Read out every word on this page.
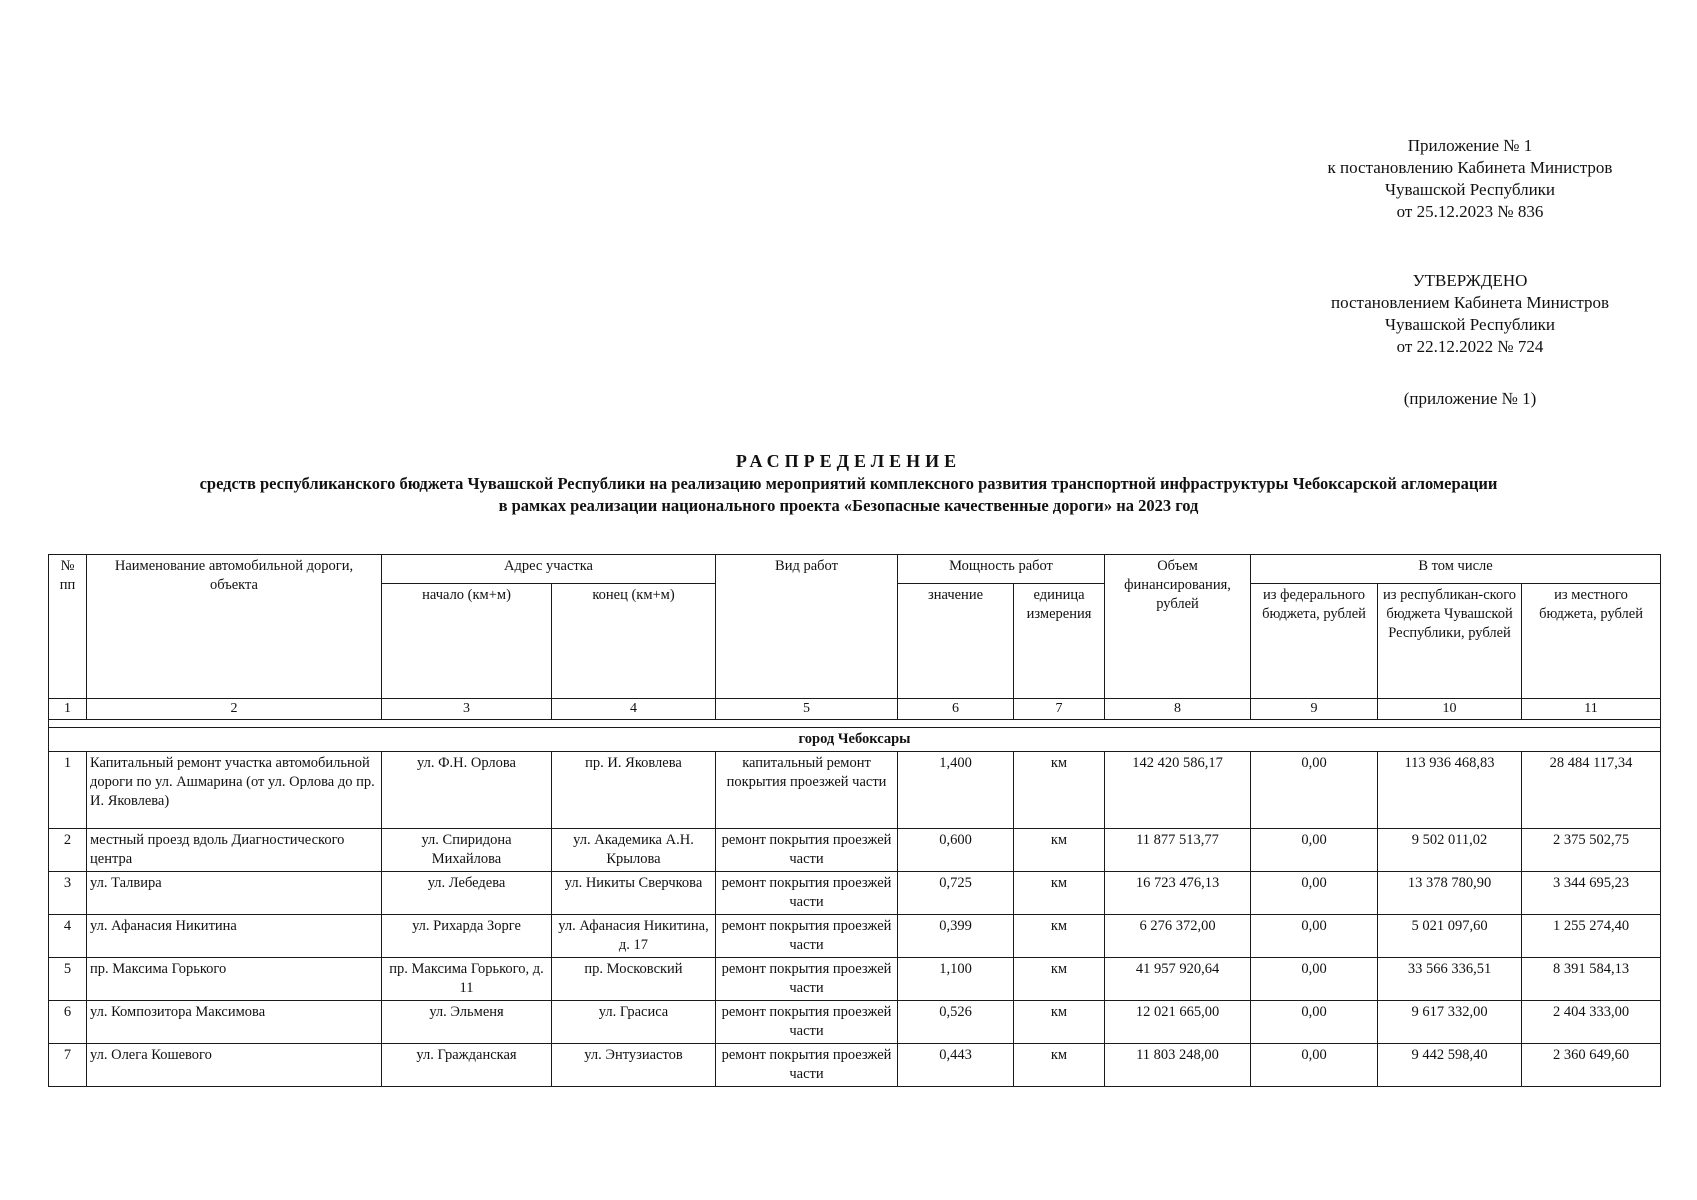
Приложение № 1
к постановлению Кабинета Министров
Чувашской Республики
от 25.12.2023 № 836
УТВЕРЖДЕНО
постановлением Кабинета Министров
Чувашской Республики
от 22.12.2022 № 724
(приложение № 1)
РАСПРЕДЕЛЕНИЕ
средств республиканского бюджета Чувашской Республики на реализацию мероприятий комплексного развития транспортной инфраструктуры Чебоксарской агломерации
в рамках реализации национального проекта «Безопасные качественные дороги» на 2023 год
№ пп	Наименование автомобильной дороги, объекта	Адрес участка		Вид работ	Мощность работ		Объем финансирования, рублей	В том числе		
		начало (км+м)	конец (км+м)		значение	единица измерения		из федерального бюджета, рублей	из республикан-ского бюджета Чувашской Республики, рублей	из местного бюджета, рублей
1	2	3	4	5	6	7	8	9	10	11

город Чебоксары										
1	Капитальный ремонт участка автомобильной дороги по ул. Ашмарина (от ул. Орлова до пр. И. Яковлева)	ул. Ф.Н. Орлова	пр. И. Яковлева	капитальный ремонт покрытия проезжей части	1,400	км	142 420 586,17	0,00	113 936 468,83	28 484 117,34
2	местный проезд вдоль Диагностического центра	ул. Спиридона Михайлова	ул. Академика А.Н. Крылова	ремонт покрытия проезжей части	0,600	км	11 877 513,77	0,00	9 502 011,02	2 375 502,75
3	ул. Талвира	ул. Лебедева	ул. Никиты Сверчкова	ремонт покрытия проезжей части	0,725	км	16 723 476,13	0,00	13 378 780,90	3 344 695,23
4	ул. Афанасия Никитина	ул. Рихарда Зорге	ул. Афанасия Никитина, д. 17	ремонт покрытия проезжей части	0,399	км	6 276 372,00	0,00	5 021 097,60	1 255 274,40
5	пр. Максима Горького	пр. Максима Горького, д. 11	пр. Московский	ремонт покрытия проезжей части	1,100	км	41 957 920,64	0,00	33 566 336,51	8 391 584,13
6	ул. Композитора Максимова	ул. Эльменя	ул. Грасиса	ремонт покрытия проезжей части	0,526	км	12 021 665,00	0,00	9 617 332,00	2 404 333,00
7	ул. Олега Кошевого	ул. Гражданская	ул. Энтузиастов	ремонт покрытия проезжей части	0,443	км	11 803 248,00	0,00	9 442 598,40	2 360 649,60
